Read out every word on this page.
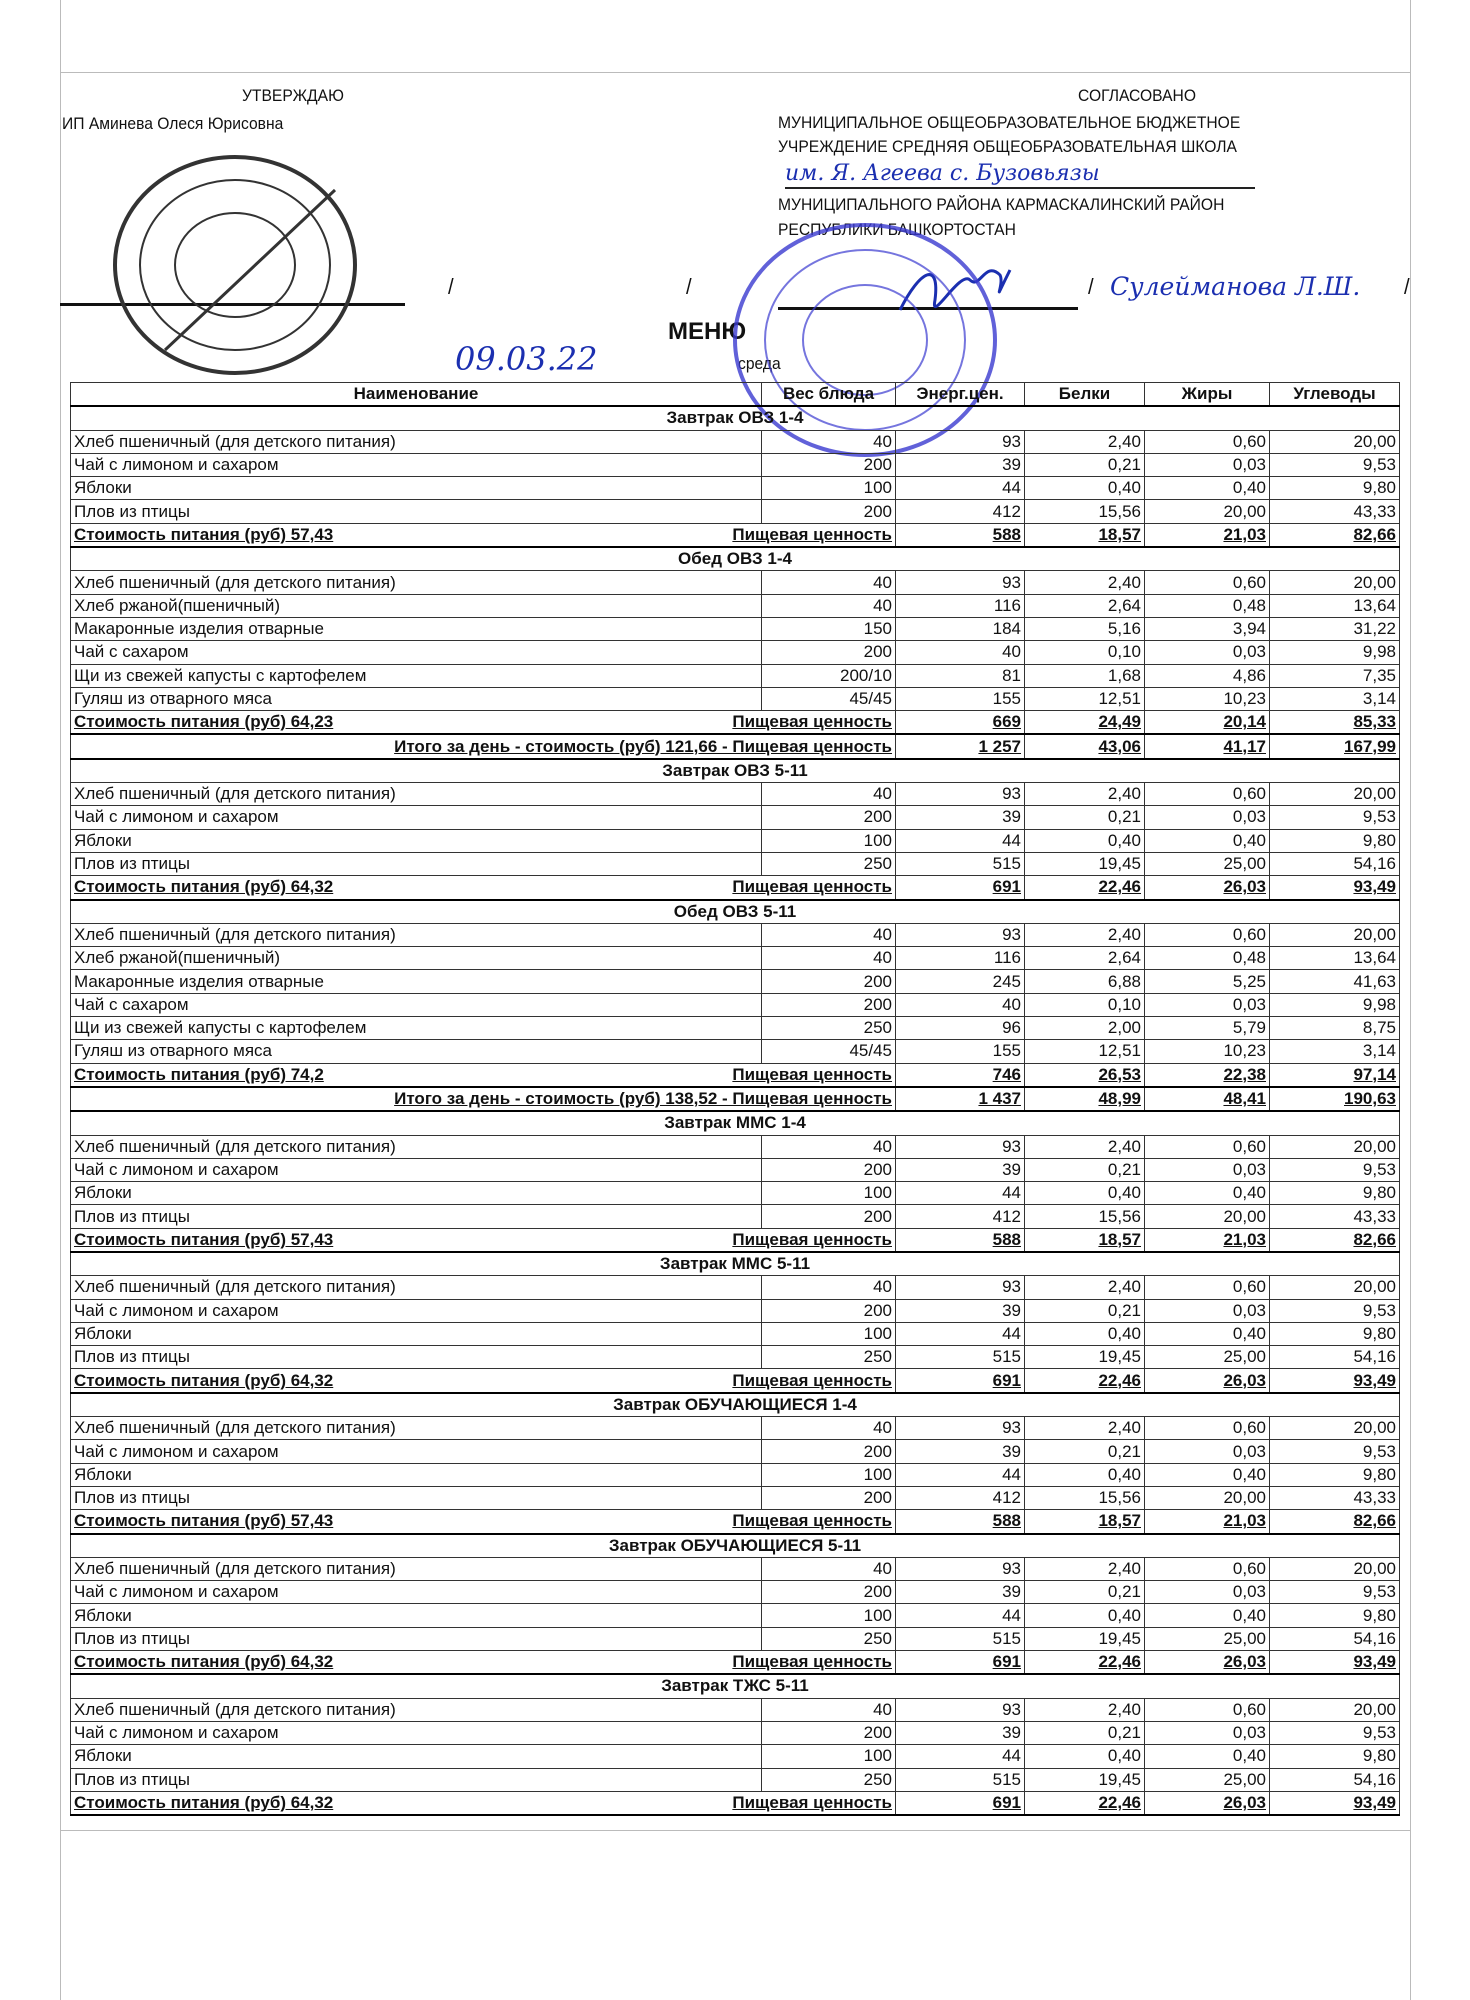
УТВЕРЖДАЮ
ИП Аминева Олеся Юрисовна
СОГЛАСОВАНО
МУНИЦИПАЛЬНОЕ ОБЩЕОБРАЗОВАТЕЛЬНОЕ БЮДЖЕТНОЕ
УЧРЕЖДЕНИЕ СРЕДНЯЯ ОБЩЕОБРАЗОВАТЕЛЬНАЯ ШКОЛА
им. Я. Агеева с. Бузовьязы
МУНИЦИПАЛЬНОГО РАЙОНА КАРМАСКАЛИНСКИЙ РАЙОН
РЕСПУБЛИКИ БАШКОРТОСТАН
/	/	/	/
Сулейманова Л.Ш.
МЕНЮ
09.03.22	среда
Наименование	Вес блюда	Энерг.цен.	Белки	Жиры	Углеводы
Завтрак ОВЗ 1-4					
Хлеб пшеничный (для детского питания)	40	93	2,40	0,60	20,00
Чай с лимоном и сахаром	200	39	0,21	0,03	9,53
Яблоки	100	44	0,40	0,40	9,80
Плов из птицы	200	412	15,56	20,00	43,33

Стоимость питания (руб) 57,43 Пищевая ценность		588	18,57	21,03	82,66
Обед ОВЗ 1-4					
Хлеб пшеничный (для детского питания)	40	93	2,40	0,60	20,00
Хлеб ржаной(пшеничный)	40	116	2,64	0,48	13,64
Макаронные изделия отварные	150	184	5,16	3,94	31,22
Чай с сахаром	200	40	0,10	0,03	9,98
Щи из свежей капусты с картофелем	200/10	81	1,68	4,86	7,35
Гуляш из отварного мяса	45/45	155	12,51	10,23	3,14

Стоимость питания (руб) 64,23 Пищевая ценность		669	24,49	20,14	85,33
Итого за день - стоимость (руб) 121,66 - Пищевая ценность		1 257	43,06	41,17	167,99
Завтрак ОВЗ 5-11					
Хлеб пшеничный (для детского питания)	40	93	2,40	0,60	20,00
Чай с лимоном и сахаром	200	39	0,21	0,03	9,53
Яблоки	100	44	0,40	0,40	9,80
Плов из птицы	250	515	19,45	25,00	54,16

Стоимость питания (руб) 64,32 Пищевая ценность		691	22,46	26,03	93,49
Обед ОВЗ 5-11					
Хлеб пшеничный (для детского питания)	40	93	2,40	0,60	20,00
Хлеб ржаной(пшеничный)	40	116	2,64	0,48	13,64
Макаронные изделия отварные	200	245	6,88	5,25	41,63
Чай с сахаром	200	40	0,10	0,03	9,98
Щи из свежей капусты с картофелем	250	96	2,00	5,79	8,75
Гуляш из отварного мяса	45/45	155	12,51	10,23	3,14

Стоимость питания (руб) 74,2 Пищевая ценность		746	26,53	22,38	97,14
Итого за день - стоимость (руб) 138,52 - Пищевая ценность		1 437	48,99	48,41	190,63
Завтрак ММС 1-4					
Хлеб пшеничный (для детского питания)	40	93	2,40	0,60	20,00
Чай с лимоном и сахаром	200	39	0,21	0,03	9,53
Яблоки	100	44	0,40	0,40	9,80
Плов из птицы	200	412	15,56	20,00	43,33

Стоимость питания (руб) 57,43 Пищевая ценность		588	18,57	21,03	82,66
Завтрак ММС 5-11					
Хлеб пшеничный (для детского питания)	40	93	2,40	0,60	20,00
Чай с лимоном и сахаром	200	39	0,21	0,03	9,53
Яблоки	100	44	0,40	0,40	9,80
Плов из птицы	250	515	19,45	25,00	54,16

Стоимость питания (руб) 64,32 Пищевая ценность		691	22,46	26,03	93,49
Завтрак ОБУЧАЮЩИЕСЯ 1-4					
Хлеб пшеничный (для детского питания)	40	93	2,40	0,60	20,00
Чай с лимоном и сахаром	200	39	0,21	0,03	9,53
Яблоки	100	44	0,40	0,40	9,80
Плов из птицы	200	412	15,56	20,00	43,33

Стоимость питания (руб) 57,43 Пищевая ценность		588	18,57	21,03	82,66
Завтрак ОБУЧАЮЩИЕСЯ 5-11					
Хлеб пшеничный (для детского питания)	40	93	2,40	0,60	20,00
Чай с лимоном и сахаром	200	39	0,21	0,03	9,53
Яблоки	100	44	0,40	0,40	9,80
Плов из птицы	250	515	19,45	25,00	54,16

Стоимость питания (руб) 64,32 Пищевая ценность		691	22,46	26,03	93,49
Завтрак ТЖС 5-11					
Хлеб пшеничный (для детского питания)	40	93	2,40	0,60	20,00
Чай с лимоном и сахаром	200	39	0,21	0,03	9,53
Яблоки	100	44	0,40	0,40	9,80
Плов из птицы	250	515	19,45	25,00	54,16

Стоимость питания (руб) 64,32 Пищевая ценность		691	22,46	26,03	93,49
